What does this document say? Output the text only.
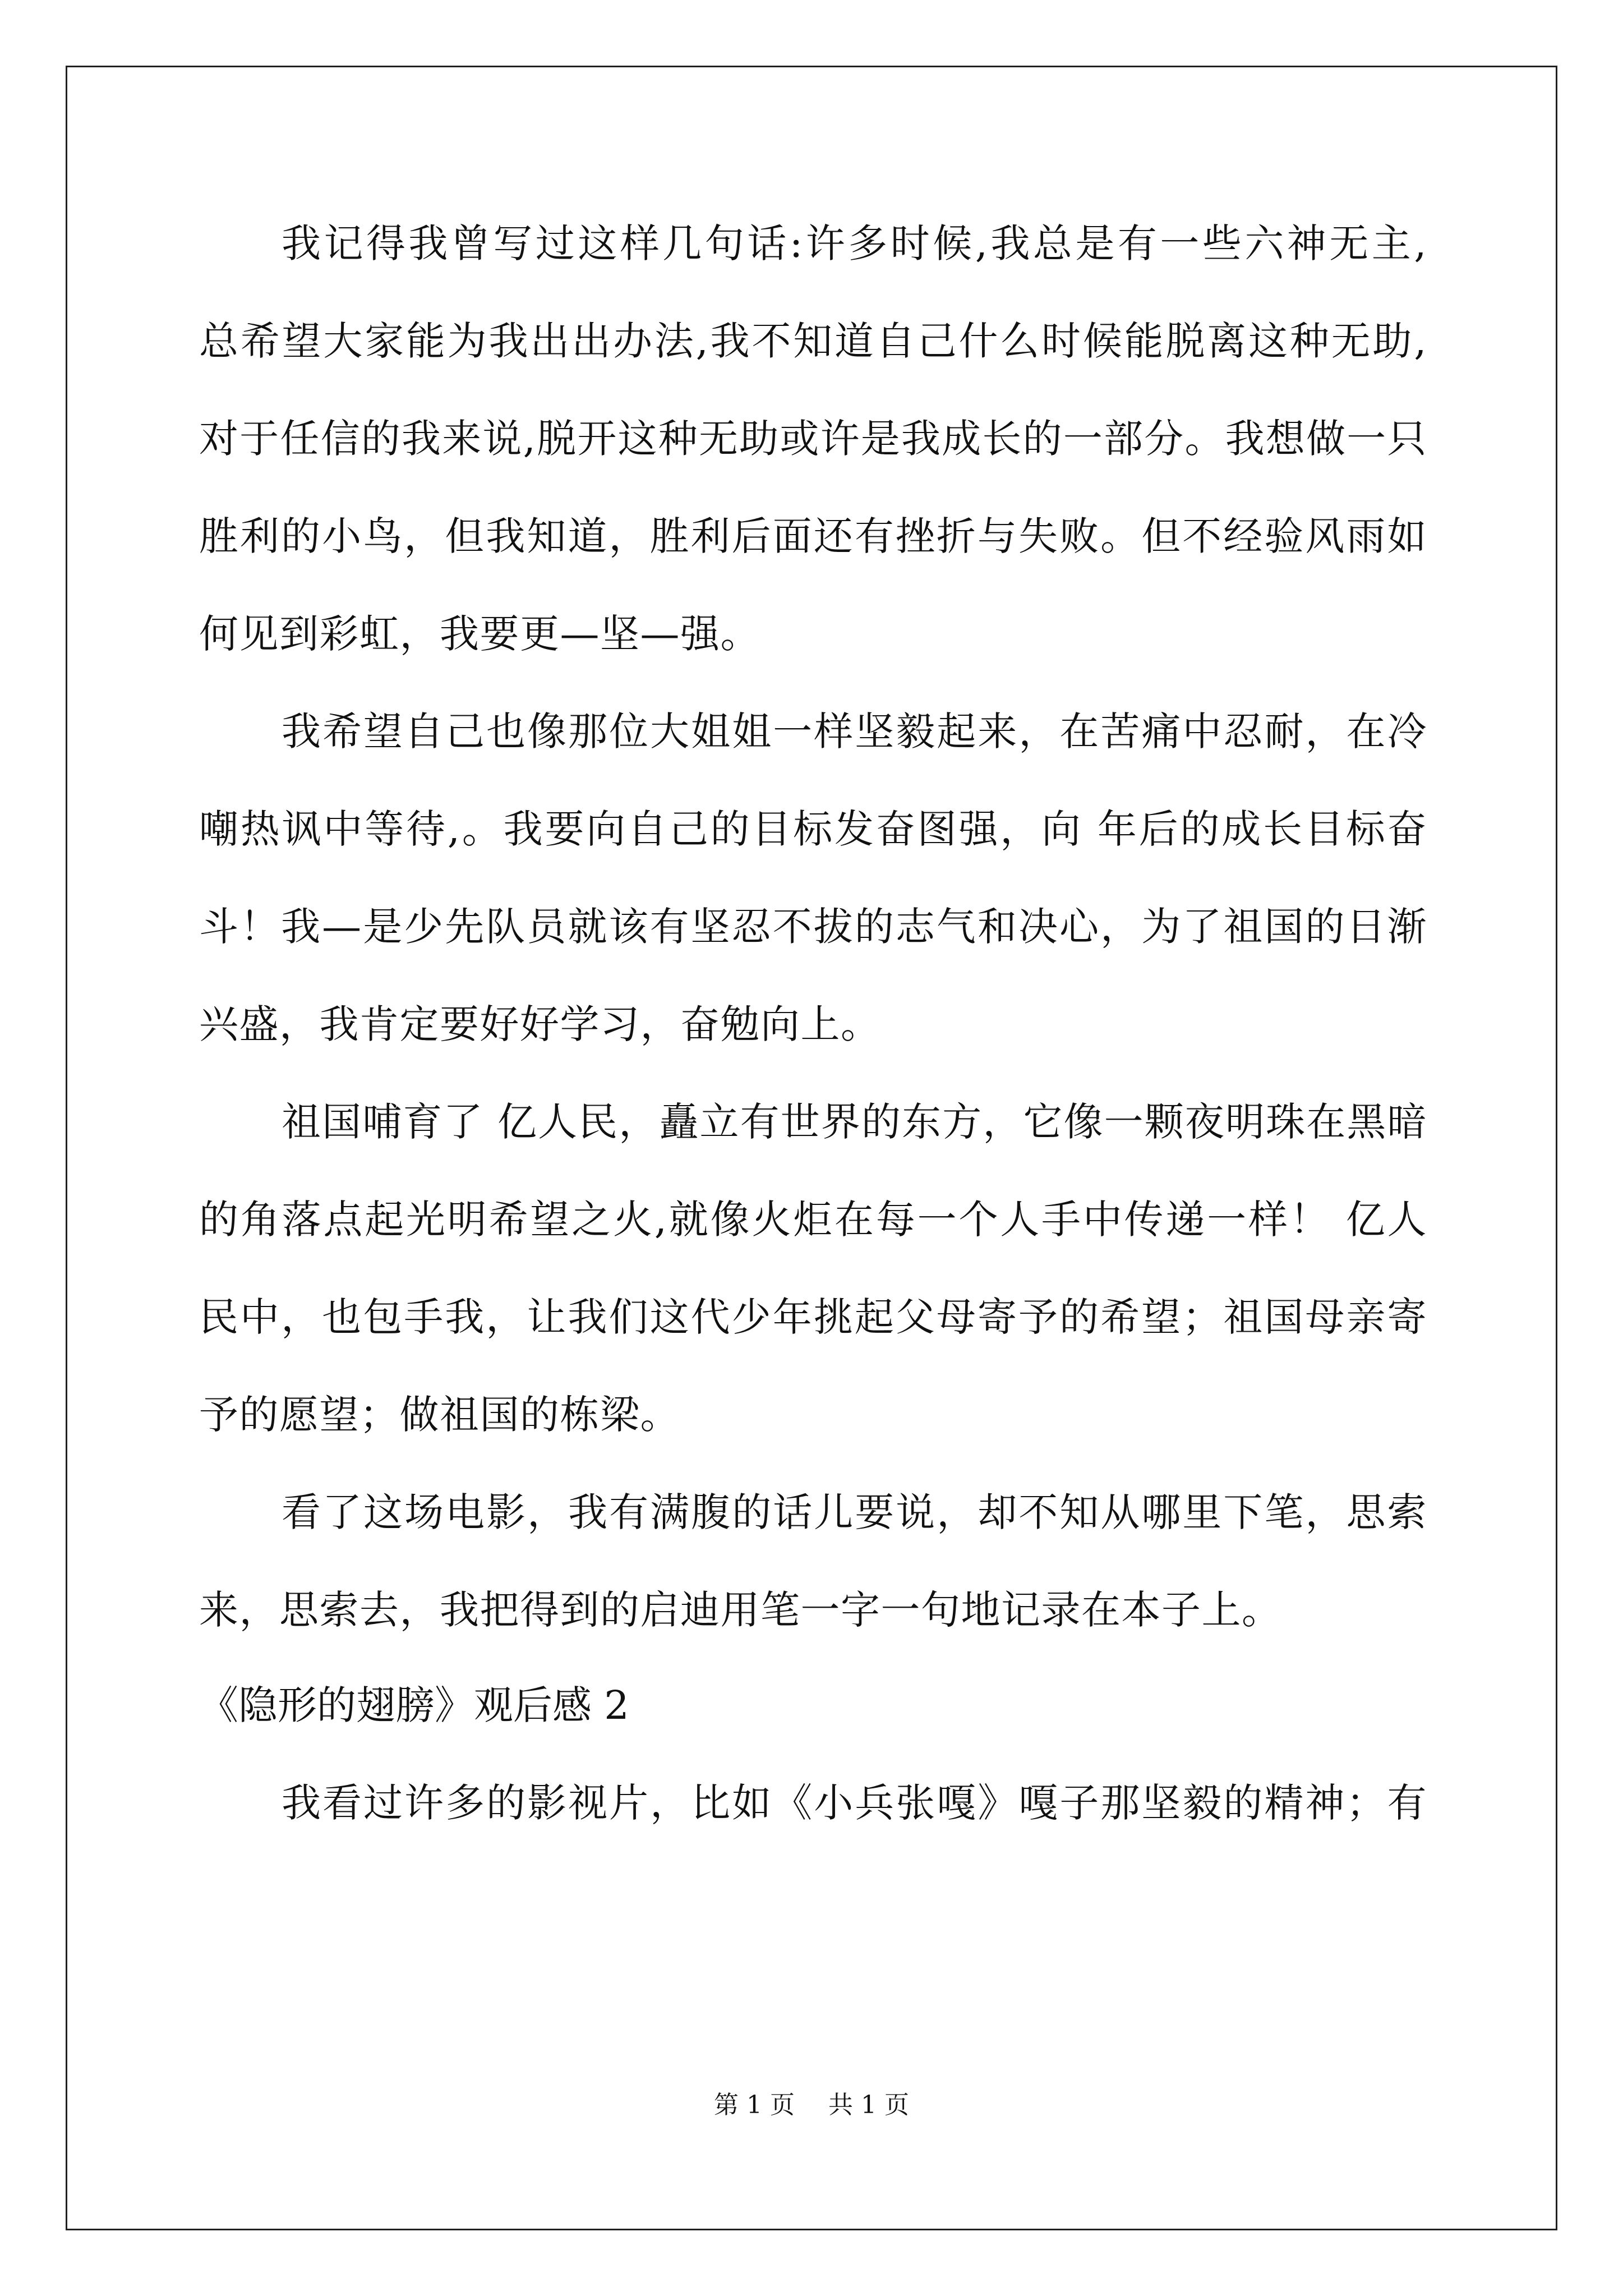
我记得我曾写过这样几句话:许多时候,我总是有一些六神无主,
总希望大家能为我出出办法,我不知道自己什么时候能脱离这种无助,
对于任信的我来说,脱开这种无助或许是我成长的一部分。我想做一只
胜利的小鸟，但我知道，胜利后面还有挫折与失败。但不经验风雨如
何见到彩虹，我要更—坚—强。
我希望自己也像那位大姐姐一样坚毅起来，在苦痛中忍耐，在冷
嘲热讽中等待,。我要向自己的目标发奋图强，向 年后的成长目标奋
斗！我—是少先队员就该有坚忍不拔的志气和决心，为了祖国的日渐
兴盛，我肯定要好好学习，奋勉向上。
祖国哺育了 亿人民，矗立有世界的东方，它像一颗夜明珠在黑暗
的角落点起光明希望之火,就像火炬在每一个人手中传递一样！ 亿人
民中，也包手我，让我们这代少年挑起父母寄予的希望；祖国母亲寄
予的愿望；做祖国的栋梁。
看了这场电影，我有满腹的话儿要说，却不知从哪里下笔，思索
来，思索去，我把得到的启迪用笔一字一句地记录在本子上。
《隐形的翅膀》观后感 2
我看过许多的影视片，比如《小兵张嘎》嘎子那坚毅的精神；有
第 1 页 共 1 页
